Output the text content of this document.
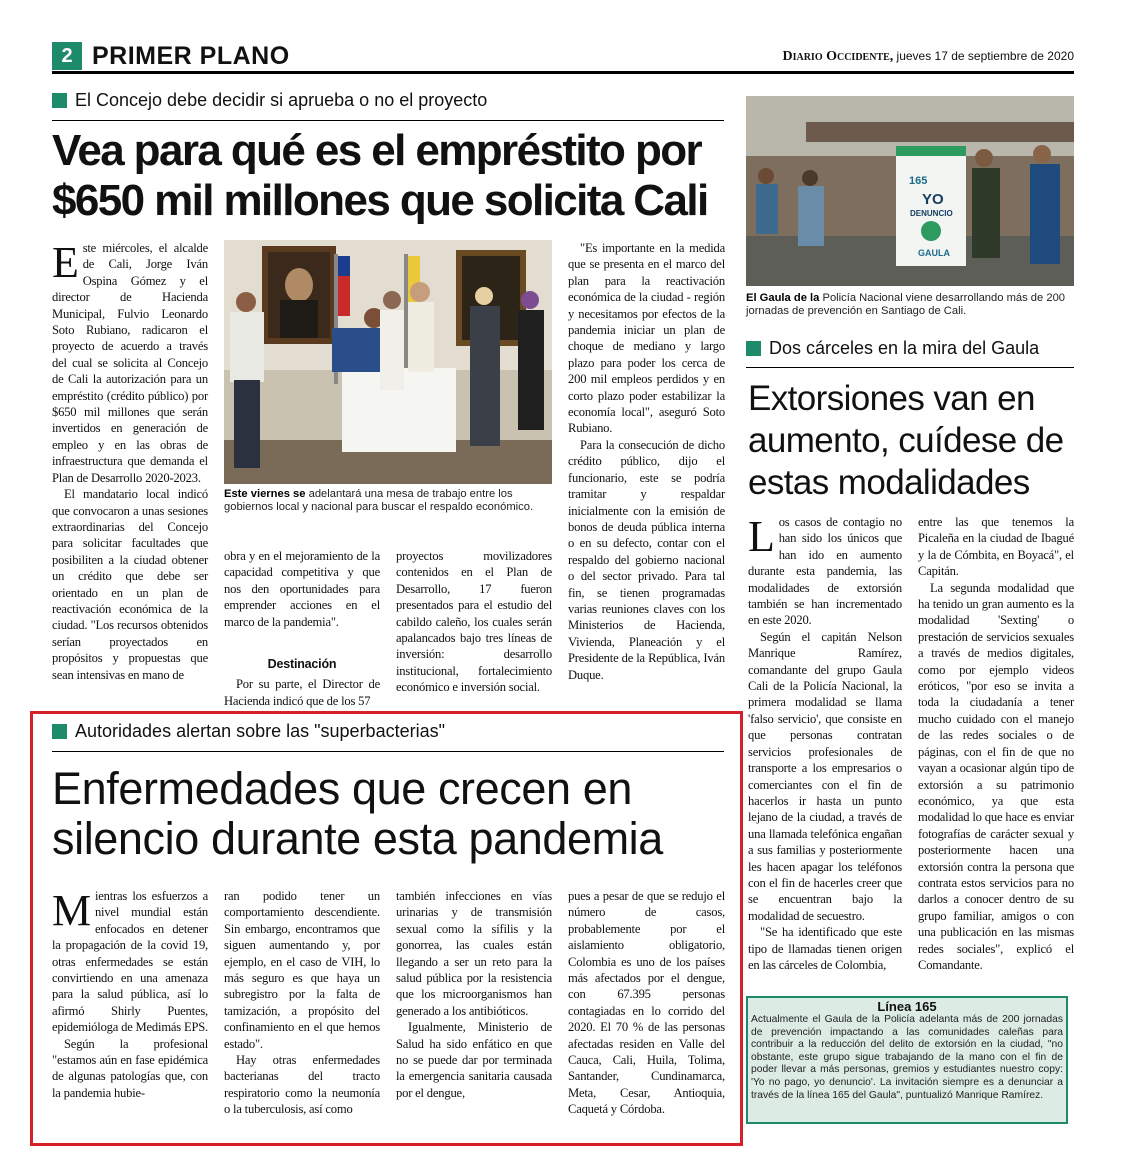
2 PRIMER PLANO	Diario Occidente, jueves 17 de septiembre de 2020
El Concejo debe decidir si aprueba o no el proyecto
Vea para qué es el empréstito por
$650 mil millones que solicita Cali
Este miércoles, el alcalde de Cali, Jorge Iván Ospina Gómez y el director de Hacienda Municipal, Fulvio Leonardo Soto Rubiano, radicaron el proyecto de acuerdo a través del cual se solicita al Concejo de Cali la autorización para un empréstito (crédito público) por $650 mil millones que serán invertidos en generación de empleo y en las obras de infraestructura que demanda el Plan de Desarrollo 2020-2023.
El mandatario local indicó que convocaron a unas sesiones extraordinarias del Concejo para solicitar facultades que posibiliten a la ciudad obtener un crédito que debe ser orientado en un plan de reactivación económica de la ciudad. "Los recursos obtenidos serían proyectados en propósitos y propuestas que sean intensivas en mano de
Este viernes se adelantará una mesa de trabajo entre los gobiernos local y nacional para buscar el respaldo económico.
obra y en el mejoramiento de la capacidad competitiva y que nos den oportunidades para emprender acciones en el marco de la pandemia".
Destinación
Por su parte, el Director de Hacienda indicó que de los 57
proyectos movilizadores contenidos en el Plan de Desarrollo, 17 fueron presentados para el estudio del cabildo caleño, los cuales serán apalancados bajo tres líneas de inversión: desarrollo institucional, fortalecimiento económico e inversión social.
"Es importante en la medida que se presenta en el marco del plan para la reactivación económica de la ciudad - región y necesitamos por efectos de la pandemia iniciar un plan de choque de mediano y largo plazo para poder los cerca de 200 mil empleos perdidos y en corto plazo poder estabilizar la economía local", aseguró Soto Rubiano.
Para la consecución de dicho crédito público, dijo el funcionario, este se podría tramitar y respaldar inicialmente con la emisión de bonos de deuda pública interna o en su defecto, contar con el respaldo del gobierno nacional o del sector privado. Para tal fin, se tienen programadas varias reuniones claves con los Ministerios de Hacienda, Vivienda, Planeación y el Presidente de la República, Iván Duque.
165
YO
DENUNCIO
GAULA
El Gaula de la Policía Nacional viene desarrollando más de 200 jornadas de prevención en Santiago de Cali.
Dos cárceles en la mira del Gaula
Extorsiones van en
aumento, cuídese de
estas modalidades
Los casos de contagio no han sido los únicos que han ido en aumento durante esta pandemia, las modalidades de extorsión también se han incrementado en este 2020.
Según el capitán Nelson Manrique Ramírez, comandante del grupo Gaula Cali de la Policía Nacional, la primera modalidad se llama 'falso servicio', que consiste en que personas contratan servicios profesionales de transporte a los empresarios o comerciantes con el fin de hacerlos ir hasta un punto lejano de la ciudad, a través de una llamada telefónica engañan a sus familias y posteriormente les hacen apagar los teléfonos con el fin de hacerles creer que se encuentran bajo la modalidad de secuestro.
"Se ha identificado que este tipo de llamadas tienen origen en las cárceles de Colombia,
entre las que tenemos la Picaleña en la ciudad de Ibagué y la de Cómbita, en Boyacá", el Capitán.
La segunda modalidad que ha tenido un gran aumento es la modalidad 'Sexting' o prestación de servicios sexuales a través de medios digitales, como por ejemplo videos eróticos, "por eso se invita a toda la ciudadanía a tener mucho cuidado con el manejo de las redes sociales o de páginas, con el fin de que no vayan a ocasionar algún tipo de extorsión a su patrimonio económico, ya que esta modalidad lo que hace es enviar fotografías de carácter sexual y posteriormente hacen una extorsión contra la persona que contrata estos servicios para no darlos a conocer dentro de su grupo familiar, amigos o con una publicación en las mismas redes sociales", explicó el Comandante.
Línea 165
Actualmente el Gaula de la Policía adelanta más de 200 jornadas de prevención impactando a las comunidades caleñas para contribuir a la reducción del delito de extorsión en la ciudad, "no obstante, este grupo sigue trabajando de la mano con el fin de poder llevar a más personas, gremios y estudiantes nuestro copy: 'Yo no pago, yo denuncio'. La invitación siempre es a denunciar a través de la línea 165 del Gaula", puntualizó Manrique Ramírez.
Autoridades alertan sobre las "superbacterias"
Enfermedades que crecen en
silencio durante esta pandemia
Mientras los esfuerzos a nivel mundial están enfocados en detener la propagación de la covid 19, otras enfermedades se están convirtiendo en una amenaza para la salud pública, así lo afirmó Shirly Puentes, epidemióloga de Medimás EPS.
Según la profesional "estamos aún en fase epidémica de algunas patologías que, con la pandemia hubie-
ran podido tener un comportamiento descendiente. Sin embargo, encontramos que siguen aumentando y, por ejemplo, en el caso de VIH, lo más seguro es que haya un subregistro por la falta de tamización, a propósito del confinamiento en el que hemos estado".
Hay otras enfermedades bacterianas del tracto respiratorio como la neumonía o la tuberculosis, así como
también infecciones en vías urinarias y de transmisión sexual como la sífilis y la gonorrea, las cuales están llegando a ser un reto para la salud pública por la resistencia que los microorganismos han generado a los antibióticos.
Igualmente, Ministerio de Salud ha sido enfático en que no se puede dar por terminada la emergencia sanitaria causada por el dengue,
pues a pesar de que se redujo el número de casos, probablemente por el aislamiento obligatorio, Colombia es uno de los países más afectados por el dengue, con 67.395 personas contagiadas en lo corrido del 2020. El 70 % de las personas afectadas residen en Valle del Cauca, Cali, Huila, Tolima, Santander, Cundinamarca, Meta, Cesar, Antioquia, Caquetá y Córdoba.
